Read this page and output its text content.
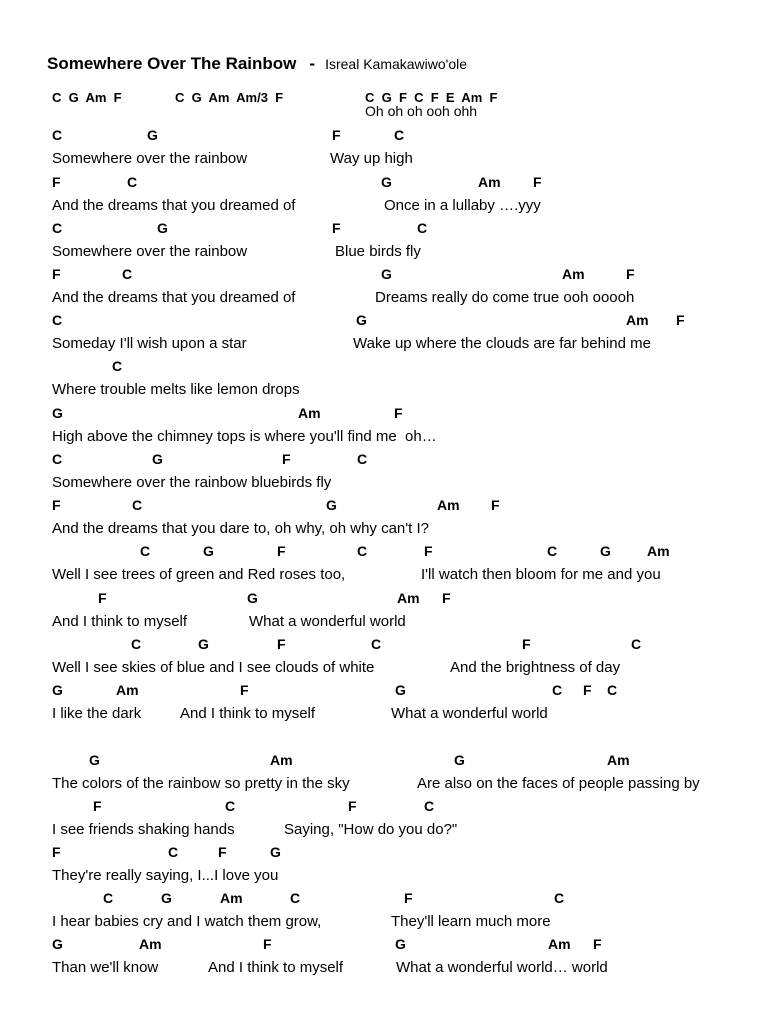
Somewhere Over The Rainbow - Isreal Kamakawiwo'ole
C  G  Am  F	C  G  Am  Am/3  F	C  G  F  C  F  E  Am  F
Oh oh oh ooh ohh
C	G	F	C
Somewhere over the rainbow	Way up high
F	C	G	Am F
And the dreams that you dreamed of	Once in a lullaby ….yyy
C	G	F	C
Somewhere over the rainbow	Blue birds fly
F	C	G	Am	F
And the dreams that you dreamed of	Dreams really do come true ooh ooooh
C	G	Am F
Someday I'll wish upon a star	Wake up where the clouds are far behind me
C
Where trouble melts like lemon drops
G	Am	F
High above the chimney tops is where you'll find me  oh…
C	G	F	C
Somewhere over the rainbow bluebirds fly
F	C	G	Am F
And the dreams that you dare to, oh why, oh why can't I?
C	G	F	C	F	C	G	Am
Well I see trees of green and Red roses too,	I'll watch then bloom for me and you
F	G	Am F
And I think to myself	What a wonderful world
C	G	F	C	F	C
Well I see skies of blue and I see clouds of white	And the brightness of day
G	Am	F	G	C F C
I like the dark	And I think to myself	What a wonderful world
G	Am	G	Am
The colors of the rainbow so pretty in the sky	Are also on the faces of people passing by
F	C	F	C
I see friends shaking hands	Saying, "How do you do?"
F	C	F	G
They're really saying, I...I love you
C	G	Am	C	F	C
I hear babies cry and I watch them grow,	They'll learn much more
G	Am	F	G	Am F
Than we'll know	And I think to myself	What a wonderful world… world
